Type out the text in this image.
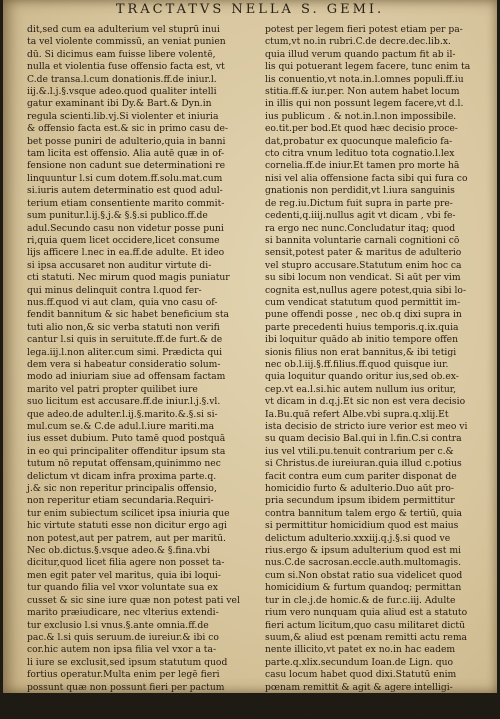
TRACTATVS NELLA S. GEMI.
dit,sed cum ea adulterium vel stuprū inui
ta vel violente commissū, an veniat punien
dū. Si dicimus eam fuisse libere volentē,
nulla et violentia fuse offensio facta est, vt
C.de transa.l.cum donationis.ff.de iniur.l.
iij.&.l.j.§.vsque adeo.quod qualiter intelli
gatur examinant ibi Dy.& Bart.& Dyn.in
regula scienti.lib.vj.Si violenter et iniuria
& offensio facta est.& sic in primo casu de-
bet posse puniri de adulterio,quia in banni
tam licita est offensio. Alia autē quæ in of-
fensione non cadunt sue determinationi re
linquuntur l.si cum dotem.ff.solu.mat.cum
si.iuris autem determinatio est quod adul-
terium etiam consentiente marito commit-
sum punitur.l.ij.§.j.& §.§.si publico.ff.de
adul.Secundo casu non videtur posse puni
ri,quia quem licet occidere,licet consume
lijs afficere l.nec in ea.ff.de adulte. Et ideo
si ipsa accusaret non auditur virtute di-
cti statuti. Nec mirum quod magis puniatur
qui minus delinquit contra l.quod fer-
nus.ff.quod vi aut clam, quia vno casu of-
fendit bannitum & sic habet beneficium sta
tuti alio non,& sic verba statuti non verifi
cantur l.si quis in seruitute.ff.de furt.& de
lega.iij.l.non aliter.cum simi. Prædicta qui
dem vera si habeatur consideratio solum-
modo ad iniuriam siue ad offensam factam
marito vel patri propter quilibet iure
suo licitum est accusare.ff.de iniur.l.j.§.vl.
que adeo.de adulter.l.ij.§.marito.&.§.si si-
mul.cum se.& C.de adul.l.iure mariti.ma
ius esset dubium. Puto tamē quod postquā
in eo qui principaliter offenditur ipsum sta
tutum nō reputat offensam,quinimmo nec
delictum vt dicam infra proxima parte.q.
j.& sic non reperitur principalis offensio,
non reperitur etiam secundaria.Requiri-
tur enim subiectum scilicet ipsa iniuria que
hic virtute statuti esse non dicitur ergo agi
non potest,aut per patrem, aut per maritū.
Nec ob.dictus.§.vsque adeo.& §.fina.vbi
dicitur,quod licet filia agere non posset ta-
men egit pater vel maritus, quia ibi loqui-
tur quando filia vel vxor voluntate sua ex
cusset & sic sine iure quæ non potest pati vel
marito præiudicare, nec vlterius extendi-
tur exclusio l.si vnus.§.ante omnia.ff.de
pac.& l.si quis seruum.de iureiur.& ibi co
cor.hic autem non ipsa filia vel vxor a ta-
li iure se exclusit,sed ipsum statutum quod
fortius operatur.Multa enim per legē fieri
possunt quæ non possunt fieri per pactum
siue per partes,vt habetur in l.ius publicū.
ff.de pactis,Nec obstat,quod dicitur quod
potest per legem fieri potest etiam per pa-
ctum,vt no.in rubri.C.de decre.dec.lib.x.
quia illud verum quando pactum fit ab il-
lis qui potuerant legem facere, tunc enim ta
lis conuentio,vt nota.in.l.omnes populi.ff.iu
stitia.ff.& iur.per. Non autem habet locum
in illis qui non possunt legem facere,vt d.l.
ius publicum . & not.in.l.non impossibile.
eo.tit.per bod.Et quod hæc decisio proce-
dat,probatur ex quocunque maleficio fa-
cto citra vnum ledituo tota cognatio.l.lex
cornelia.ff.de iniur.Et tamen pro morte hā
nisi vel alia offensione facta sibi qui fura co
gnationis non perdidit,vt l.iura sanguinis
de reg.iu.Dictum fuit supra in parte pre-
cedenti,q.iiij.nullus agit vt dicam , vbi fe-
ra ergo nec nunc.Concludatur itaq; quod
si bannita voluntarie carnali cognitioni cō
sensit,potest pater & maritus de adulterio
vel stupro accusare.Statutum enim hoc ca
su sibi locum non vendicat. Si aūt per vim
cognita est,nullus agere potest,quia sibi lo-
cum vendicat statutum quod permittit im-
pune offendi posse , nec ob.q dixi supra in
parte precedenti huius temporis.q.ix.quia
ibi loquitur quādo ab initio tempore offen
sionis filius non erat bannitus,& ibi tetigi
nec ob.l.iij.§.ff.filius.ff.quod quisque iur.
quia loquitur quando oritur ius,sed ob.ex-
cep.vt ea.l.si.hic autem nullum ius oritur,
vt dicam in d.q.j.Et sic non est vera decisio
Ia.Bu.quā refert Albe.vbi supra.q.xlij.Et
ista decisio de stricto iure verior est meo vi
su quam decisio Bal.qui in l.fin.C.si contra
ius vel vtili.pu.tenuit contrarium per c.&
si Christus.de iureiuran.quia illud c.potius
facit contra eum cum pariter disponat de
homicidio furto & adulterio.Duo aūt pro-
pria secundum ipsum ibidem permittitur
contra bannitum talem ergo & tertiū, quia
si permittitur homicidium quod est maius
delictum adulterio.xxxiij.q.j.§.si quod ve
rius.ergo & ipsum adulterium quod est mi
nus.C.de sacrosan.eccle.auth.multomagis.
cum si.Non obstat ratio sua videlicet quod
homicidium & furtum quandoq; permittan
tur in cle.j.de homic.& de fur.c.iij. Adulte
rium vero nunquam quia aliud est a statuto
fieri actum licitum,quo casu militaret dictū
suum,& aliud est pœnam remitti actu rema
nente illicito,vt patet ex no.in hac eadem
parte.q.xlix.secundum Ioan.de Lign. quo
casu locum habet quod dixi.Statutū enim
pœnam remittit & agit & agere intelligi-
tur quantum potest & vt potest c.sj diuersi
mode,vt no.in l.si quis maior.C.de transac.
